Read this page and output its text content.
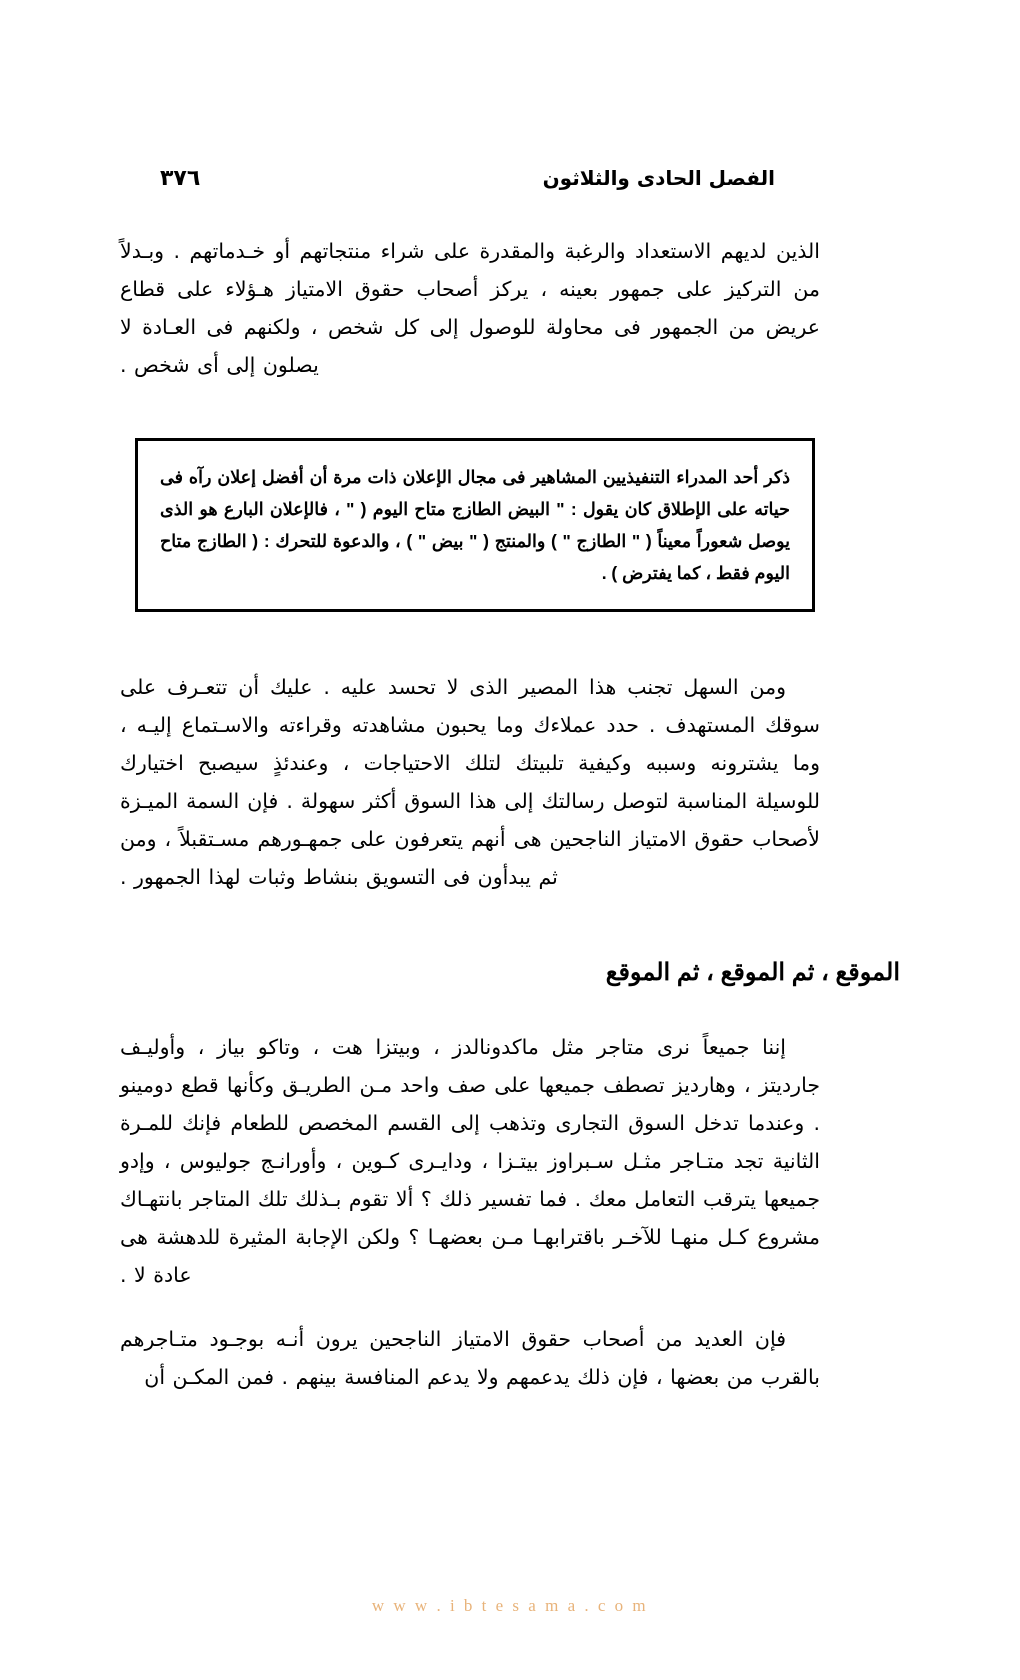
الفصل الحادى والثلاثون
٣٧٦

الذين لديهم الاستعداد والرغبة والمقدرة على شراء منتجاتهم أو خـدماتهم . وبـدلاً من التركيز على جمهور بعينه ، يركز أصحاب حقوق الامتياز هـؤلاء على قطاع عريض من الجمهور فى محاولة للوصول إلى كل شخص ، ولكنهم فى العـادة لا يصلون إلى أى شخص .

ذكر أحد المدراء التنفيذيين المشاهير فى مجال الإعلان ذات مرة أن أفضل إعلان رآه فى حياته على الإطلاق كان يقول : " البيض الطازج متاح اليوم ( " ، فالإعلان البارع هو الذى يوصل شعوراً معيناً ( " الطازج " ) والمنتج ( " بيض " ) ، والدعوة للتحرك : ( الطازج متاح اليوم فقط ، كما يفترض ) .

ومن السهل تجنب هذا المصير الذى لا تحسد عليه . عليك أن تتعـرف على سوقك المستهدف . حدد عملاءك وما يحبون مشاهدته وقراءته والاسـتماع إليـه ، وما يشترونه وسببه وكيفية تلبيتك لتلك الاحتياجات ، وعندئذٍ سيصبح اختيارك للوسيلة المناسبة لتوصل رسالتك إلى هذا السوق أكثر سهولة . فإن السمة الميـزة لأصحاب حقوق الامتياز الناجحين هى أنهم يتعرفون على جمهـورهم مسـتقبلاً ، ومن ثم يبدأون فى التسويق بنشاط وثبات لهذا الجمهور .

الموقع ، ثم الموقع ، ثم الموقع

إننا جميعاً نرى متاجر مثل ماكدونالدز ، وبيتزا هت ، وتاكو بياز ، وأوليـف جارديتز ، وهارديز تصطف جميعها على صف واحد مـن الطريـق وكأنها قطع دومينو . وعندما تدخل السوق التجارى وتذهب إلى القسم المخصص للطعام فإنك للمـرة الثانية تجد متـاجر مثـل سـبراوز بيتـزا ، ودايـرى كـوين ، وأورانـج جوليوس ، وإدو جميعها يترقب التعامل معك . فما تفسير ذلك ؟ ألا تقوم بـذلك تلك المتاجر بانتهـاك مشروع كـل منهـا للآخـر باقترابهـا مـن بعضهـا ؟ ولكن الإجابة المثيرة للدهشة هى عادة لا .

فإن العديد من أصحاب حقوق الامتياز الناجحين يرون أنـه بوجـود متـاجرهم بالقرب من بعضها ، فإن ذلك يدعمهم ولا يدعم المنافسة بينهم . فمن المكـن أن

w w w . i b t e s a m a . c o m
